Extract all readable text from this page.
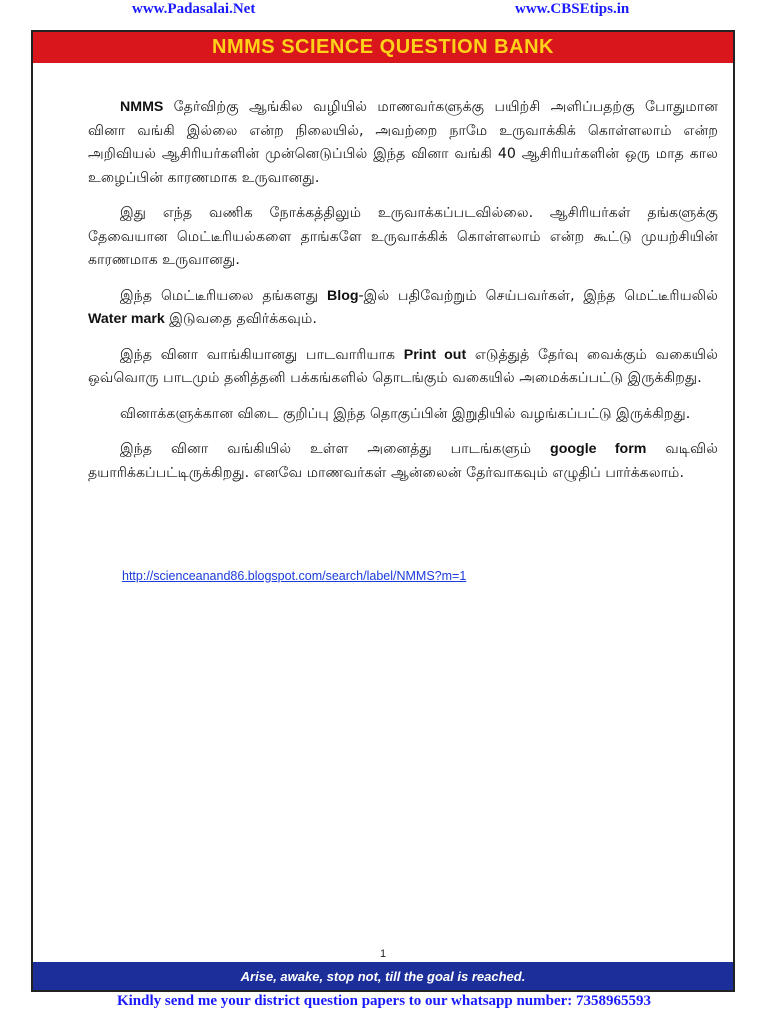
www.Padasalai.Net	www.CBSEtips.in
NMMS SCIENCE QUESTION BANK

NMMS தேர்விற்கு ஆங்கில வழியில் மாணவர்களுக்கு பயிற்சி அளிப்பதற்கு போதுமான வினா வங்கி இல்லை என்ற நிலையில், அவற்றை நாமே உருவாக்கிக் கொள்ளலாம் என்ற அறிவியல் ஆசிரியர்களின் முன்னெடுப்பில் இந்த வினா வங்கி 40 ஆசிரியர்களின் ஒரு மாத கால உழைப்பின் காரணமாக உருவானது.

இது எந்த வணிக நோக்கத்திலும் உருவாக்கப்படவில்லை. ஆசிரியர்கள் தங்களுக்கு தேவையான மெட்டீரியல்களை தாங்களே உருவாக்கிக் கொள்ளலாம் என்ற கூட்டு முயற்சியின் காரணமாக உருவானது.

இந்த மெட்டீரியலை தங்களது Blog-இல் பதிவேற்றும் செய்பவர்கள், இந்த மெட்டீரியலில் Water mark இடுவதை தவிர்க்கவும்.

இந்த வினா வாங்கியானது பாடவாரியாக Print out எடுத்துத் தேர்வு வைக்கும் வகையில் ஒவ்வொரு பாடமும் தனித்தனி பக்கங்களில் தொடங்கும் வகையில் அமைக்கப்பட்டு இருக்கிறது.

வினாக்களுக்கான விடை குறிப்பு இந்த தொகுப்பின் இறுதியில் வழங்கப்பட்டு இருக்கிறது.

இந்த வினா வங்கியில் உள்ள அனைத்து பாடங்களும் google form வடிவில் தயாரிக்கப்பட்டிருக்கிறது. எனவே மாணவர்கள் ஆன்லைன் தேர்வாகவும் எழுதிப் பார்க்கலாம்.

http://scienceanand86.blogspot.com/search/label/NMMS?m=1
1
Arise, awake, stop not, till the goal is reached.
Kindly send me your district question papers to our whatsapp number: 7358965593
